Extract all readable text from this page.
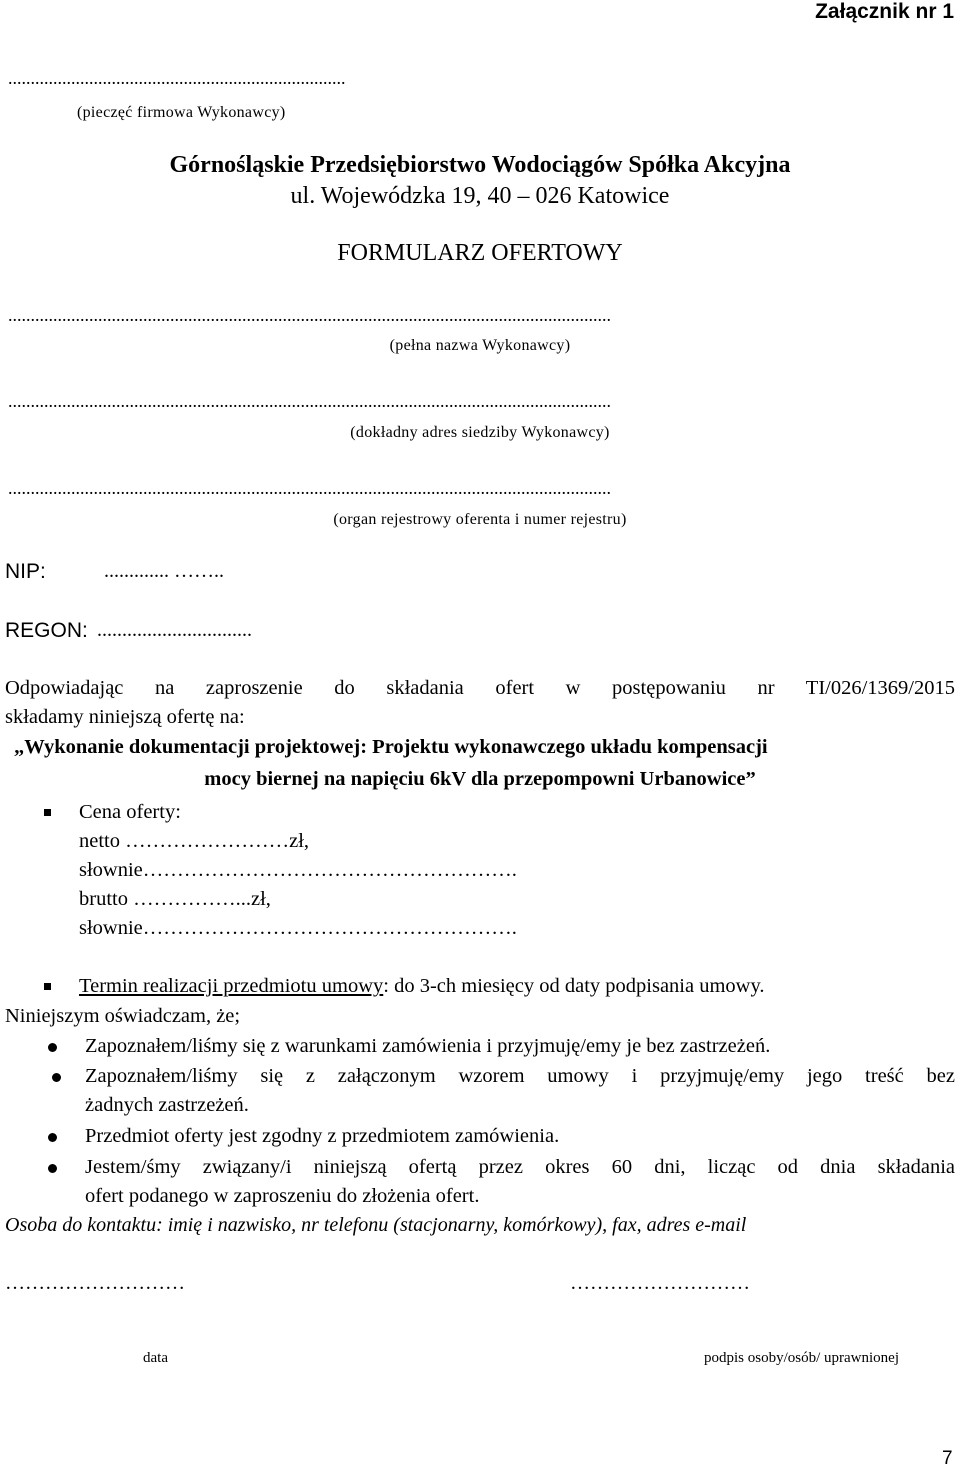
Załącznik nr 1
...........................................................................
(pieczęć firmowa Wykonawcy)
Górnośląskie Przedsiębiorstwo Wodociągów Spółka Akcyjna
ul. Wojewódzka 19, 40 – 026 Katowice
FORMULARZ OFERTOWY
......................................................................................................................................
(pełna nazwa Wykonawcy)
......................................................................................................................................
(dokładny adres siedziby Wykonawcy)
......................................................................................................................................
(organ rejestrowy oferenta i numer rejestru)
NIP:	............. ……..
REGON: ...............................
Odpowiadając na zaproszenie do składania ofert w postępowaniu nr TI/026/1369/2015
składamy niniejszą ofertę na:
„Wykonanie dokumentacji projektowej: Projektu wykonawczego układu kompensacji
mocy biernej na napięciu 6kV dla przepompowni Urbanowice”
Cena oferty:
netto ……………………zł,
słownie……………………………………………….
brutto ……………...zł,
słownie……………………………………………….
Termin realizacji przedmiotu umowy: do 3-ch miesięcy od daty podpisania umowy.
Niniejszym oświadczam, że;
Zapoznałem/liśmy się z warunkami zamówienia i przyjmuję/emy je bez zastrzeżeń.
Zapoznałem/liśmy się z załączonym wzorem umowy i przyjmuję/emy jego treść bez
żadnych zastrzeżeń.
Przedmiot oferty jest zgodny z przedmiotem zamówienia.
Jestem/śmy związany/i niniejszą ofertą przez okres 60 dni, licząc od dnia składania
ofert podanego w zaproszeniu do złożenia ofert.
Osoba do kontaktu: imię i nazwisko, nr telefonu (stacjonarny, komórkowy), fax, adres e-mail
………………………	………………………
data	podpis osoby/osób/ uprawnionej
7
